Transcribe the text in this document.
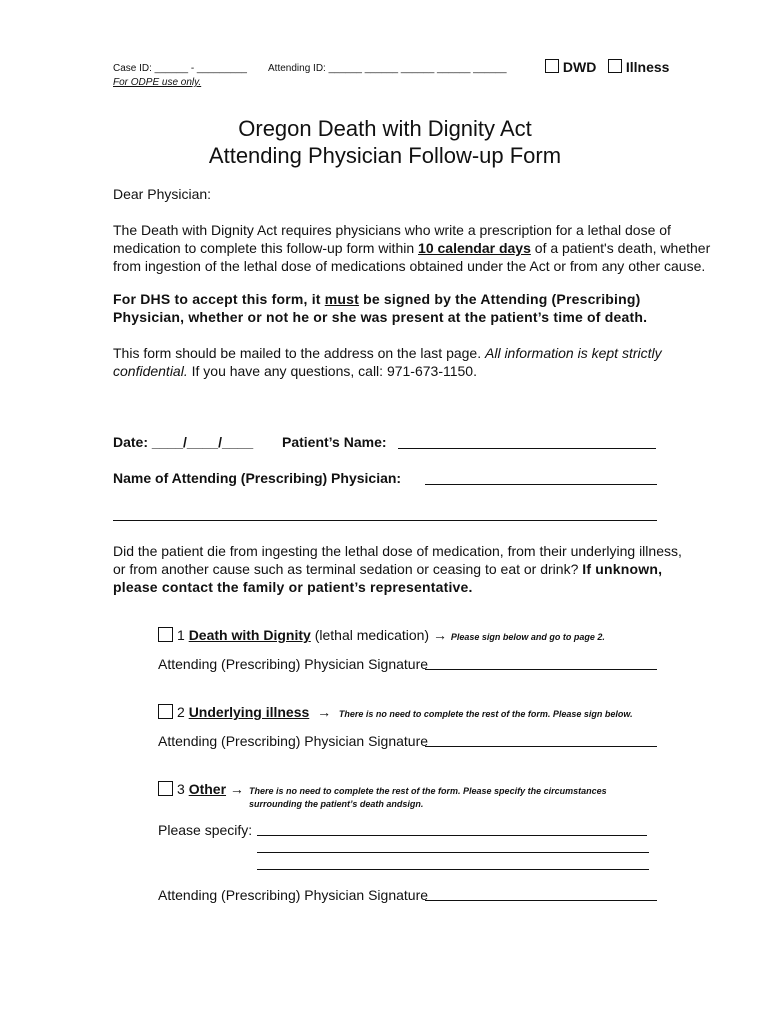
Case ID: ______ - _________
For ODPE use only.
Attending ID: ______ ______ ______ ______ ______	DWD Illness
Oregon Death with Dignity Act
Attending Physician Follow-up Form

Dear Physician:

The Death with Dignity Act requires physicians who write a prescription for a lethal dose of medication to complete this follow-up form within 10 calendar days of a patient's death, whether from ingestion of the lethal dose of medications obtained under the Act or from any other cause.

For DHS to accept this form, it must be signed by the Attending (Prescribing) Physician, whether or not he or she was present at the patient’s time of death.

This form should be mailed to the address on the last page. All information is kept strictly confidential. If you have any questions, call: 971-673-1150.

Date: ____/____/____ Patient’s Name:
Name of Attending (Prescribing) Physician:
Did the patient die from ingesting the lethal dose of medication, from their underlying illness, or from another cause such as terminal sedation or ceasing to eat or drink? If unknown, please contact the family or patient’s representative.
1 Death with Dignity (lethal medication) → Please sign below and go to page 2.
Attending (Prescribing) Physician Signature
2 Underlying illness → There is no need to complete the rest of the form. Please sign below.
Attending (Prescribing) Physician Signature
3 Other → There is no need to complete the rest of the form. Please specify the circumstances surrounding the patient’s death andsign.
Please specify:
Attending (Prescribing) Physician Signature
